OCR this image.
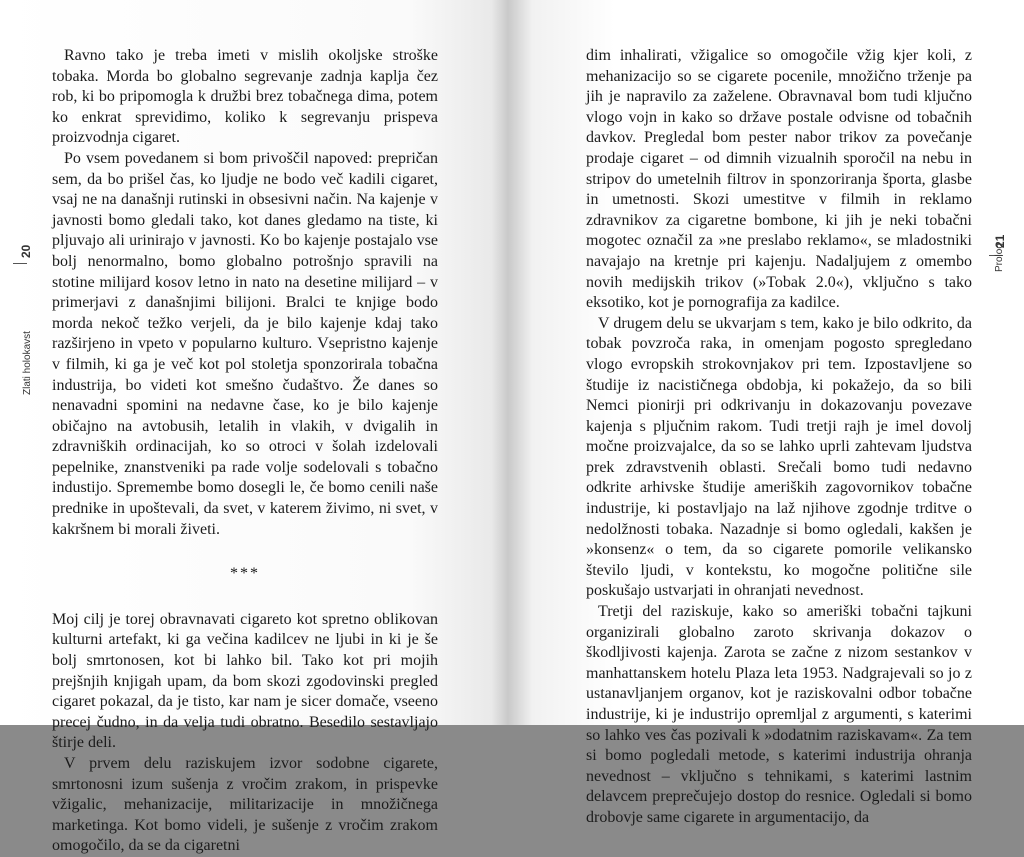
20
Zlati holokavst

Ravno tako je treba imeti v mislih okoljske stroške tobaka. Morda bo globalno segrevanje zadnja kaplja čez rob, ki bo pripomogla k družbi brez tobačnega dima, potem ko enkrat sprevidimo, koliko k segrevanju prispeva proizvodnja cigaret.

Po vsem povedanem si bom privoščil napoved: prepričan sem, da bo prišel čas, ko ljudje ne bodo več kadili cigaret, vsaj ne na današnji rutinski in obsesivni način. Na kajenje v javnosti bomo gledali tako, kot danes gledamo na tiste, ki pljuvajo ali urinirajo v javnosti. Ko bo kajenje postajalo vse bolj nenormalno, bomo globalno potrošnjo spravili na stotine milijard kosov letno in nato na desetine milijard – v primerjavi z današnjimi bilijoni. Bralci te knjige bodo morda nekoč težko verjeli, da je bilo kajenje kdaj tako razširjeno in vpeto v popularno kulturo. Vsepristno kajenje v filmih, ki ga je več kot pol stoletja sponzorirala tobačna industrija, bo videti kot smešno čudaštvo. Že danes so nenavadni spomini na nedavne čase, ko je bilo kajenje običajno na avtobusih, letalih in vlakih, v dvigalih in zdravniških ordinacijah, ko so otroci v šolah izdelovali pepelnike, znanstveniki pa rade volje sodelovali s tobačno industijo. Spremembe bomo dosegli le, če bomo cenili naše prednike in upoštevali, da svet, v katerem živimo, ni svet, v kakršnem bi morali živeti.

***

Moj cilj je torej obravnavati cigareto kot spretno oblikovan kulturni artefakt, ki ga večina kadilcev ne ljubi in ki je še bolj smrtonosen, kot bi lahko bil. Tako kot pri mojih prejšnjih knjigah upam, da bom skozi zgodovinski pregled cigaret pokazal, da je tisto, kar nam je sicer domače, vseeno precej čudno, in da velja tudi obratno. Besedilo sestavljajo štirje deli.

V prvem delu raziskujem izvor sodobne cigarete, smrtonosni izum sušenja z vročim zrakom, in prispevke vžigalic, mehanizacije, militarizacije in množičnega marketinga. Kot bomo videli, je sušenje z vročim zrakom omogočilo, da se da cigaretni

21
Prolog

dim inhalirati, vžigalice so omogočile vžig kjer koli, z mehanizacijo so se cigarete pocenile, množično trženje pa jih je napravilo za zaželene. Obravnaval bom tudi ključno vlogo vojn in kako so države postale odvisne od tobačnih davkov. Pregledal bom pester nabor trikov za povečanje prodaje cigaret – od dimnih vizualnih sporočil na nebu in stripov do umetelnih filtrov in sponzoriranja športa, glasbe in umetnosti. Skozi umestitve v filmih in reklamo zdravnikov za cigaretne bombone, ki jih je neki tobačni mogotec označil za »ne preslabo reklamo«, se mladostniki navajajo na kretnje pri kajenju. Nadaljujem z omembo novih medijskih trikov (»Tobak 2.0«), vključno s tako eksotiko, kot je pornografija za kadilce.

V drugem delu se ukvarjam s tem, kako je bilo odkrito, da tobak povzroča raka, in omenjam pogosto spregledano vlogo evropskih strokovnjakov pri tem. Izpostavljene so študije iz nacističnega obdobja, ki pokažejo, da so bili Nemci pionirji pri odkrivanju in dokazovanju povezave kajenja s pljučnim rakom. Tudi tretji rajh je imel dovolj močne proizvajalce, da so se lahko uprli zahtevam ljudstva prek zdravstvenih oblasti. Srečali bomo tudi nedavno odkrite arhivske študije ameriških zagovornikov tobačne industrije, ki postavljajo na laž njihove zgodnje trditve o nedolžnosti tobaka. Nazadnje si bomo ogledali, kakšen je »konsenz« o tem, da so cigarete pomorile velikansko število ljudi, v kontekstu, ko mogočne politične sile poskušajo ustvarjati in ohranjati nevednost.

Tretji del raziskuje, kako so ameriški tobačni tajkuni organizirali globalno zaroto skrivanja dokazov o škodljivosti kajenja. Zarota se začne z nizom sestankov v manhattanskem hotelu Plaza leta 1953. Nadgrajevali so jo z ustanavljanjem organov, kot je raziskovalni odbor tobačne industrije, ki je industrijo opremljal z argumenti, s katerimi so lahko ves čas pozivali k »dodatnim raziskavam«. Za tem si bomo pogledali metode, s katerimi industrija ohranja nevednost – vključno s tehnikami, s katerimi lastnim delavcem preprečujejo dostop do resnice. Ogledali si bomo drobovje same cigarete in argumentacijo, da
